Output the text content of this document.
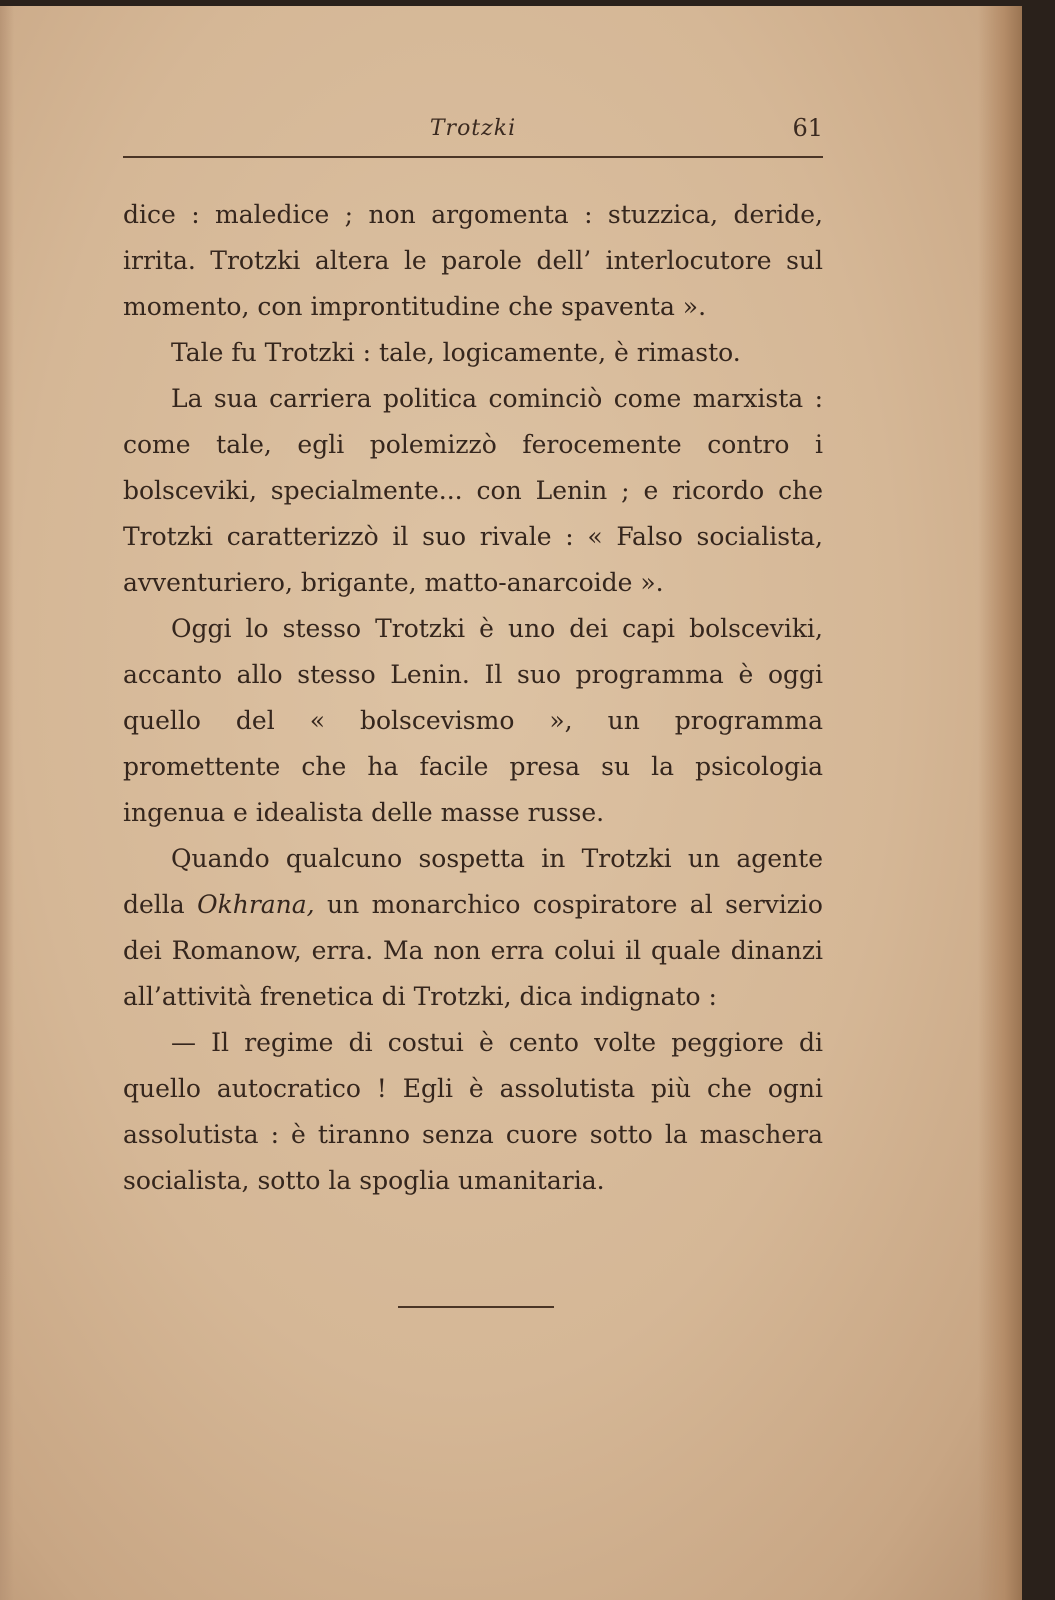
Trotzki	61

dice : maledice ; non argomenta : stuzzica, deride, irrita. Trotzki altera le parole dell’ interlocutore sul momento, con improntitudine che spaventa ».

Tale fu Trotzki : tale, logicamente, è rimasto.

La sua carriera politica cominciò come marxista : come tale, egli polemizzò ferocemente contro i bolsceviki, specialmente... con Lenin ; e ricordo che Trotzki caratterizzò il suo rivale : « Falso socialista, avventuriero, brigante, matto-anarcoide ».

Oggi lo stesso Trotzki è uno dei capi bolsceviki, accanto allo stesso Lenin. Il suo programma è oggi quello del « bolscevismo », un programma promettente che ha facile presa su la psicologia ingenua e idealista delle masse russe.

Quando qualcuno sospetta in Trotzki un agente della Okhrana, un monarchico cospiratore al servizio dei Romanow, erra. Ma non erra colui il quale dinanzi all’attività frenetica di Trotzki, dica indignato :

— Il regime di costui è cento volte peggiore di quello autocratico ! Egli è assolutista più che ogni assolutista : è tiranno senza cuore sotto la maschera socialista, sotto la spoglia umanitaria.
